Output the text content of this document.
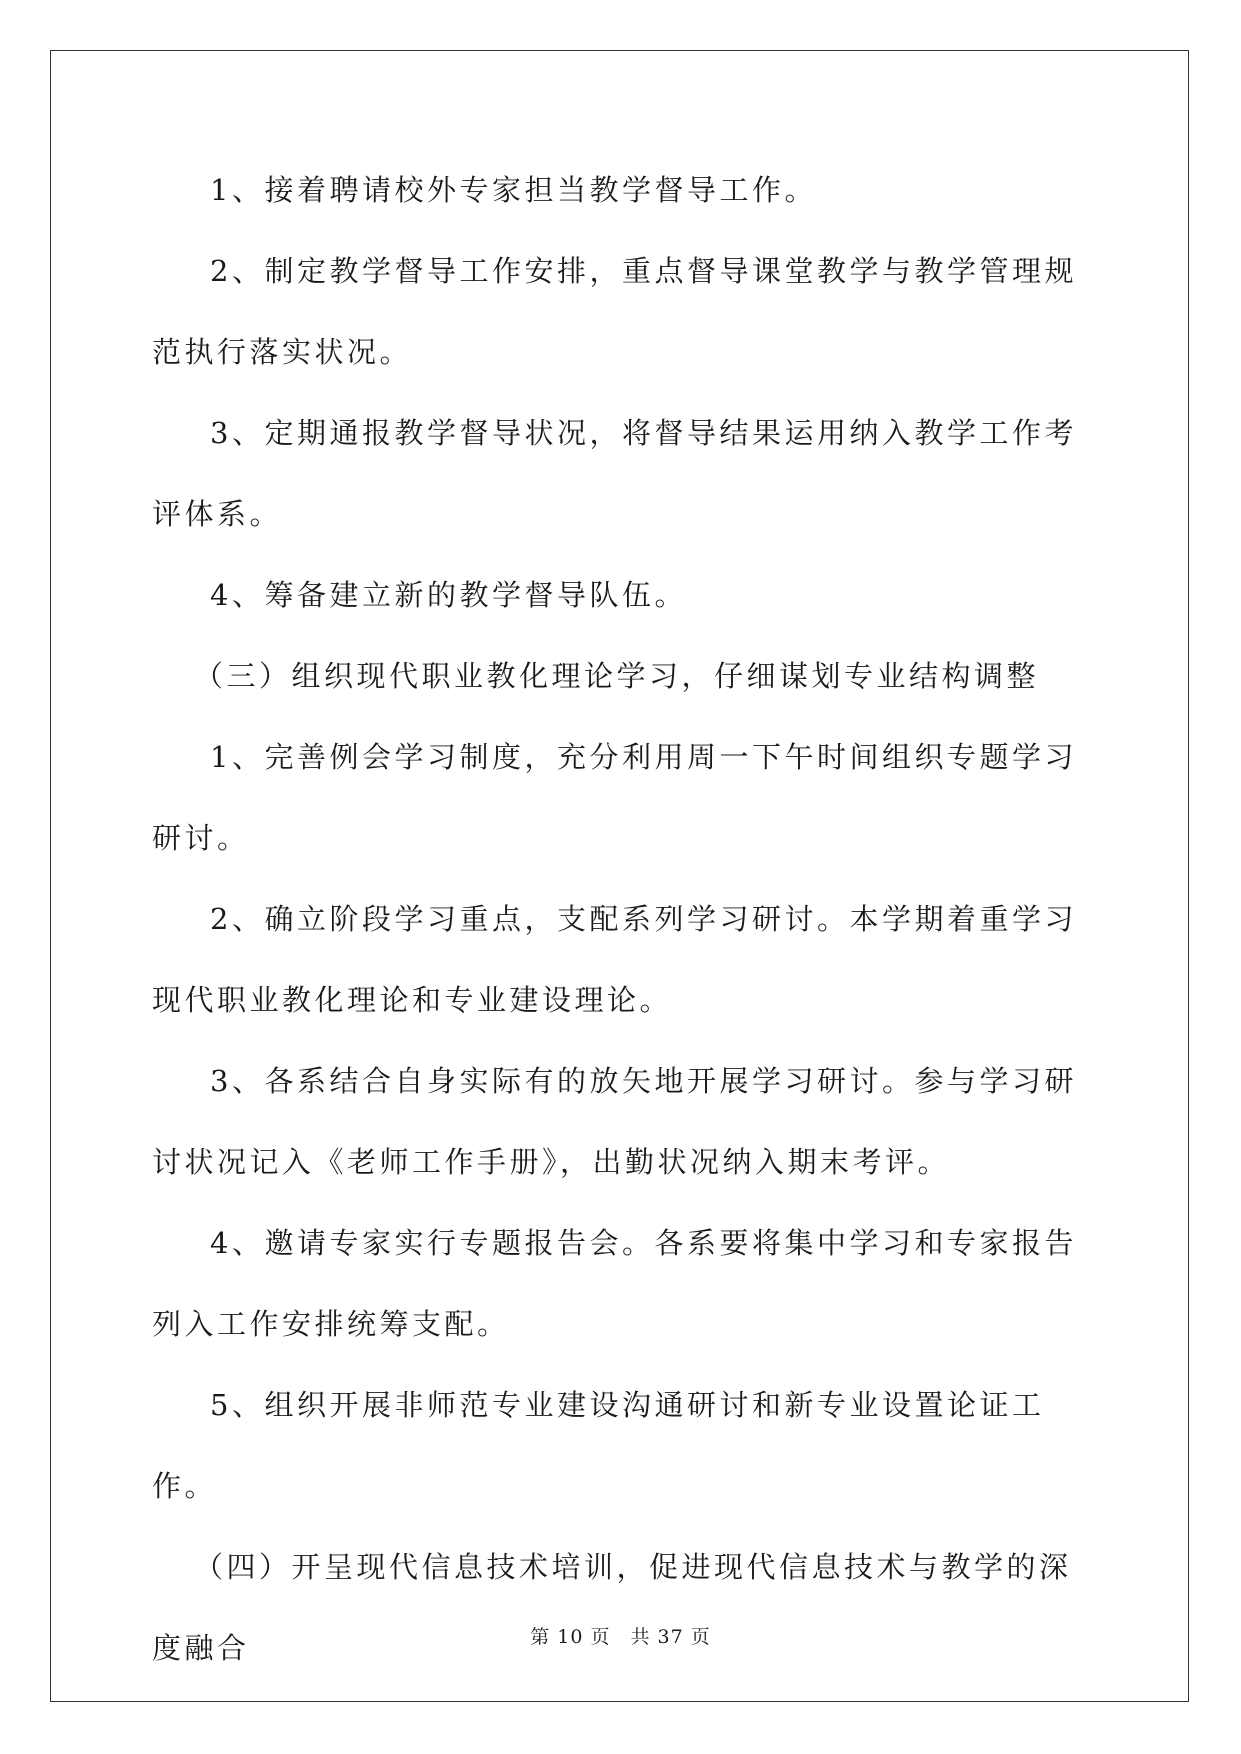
1、接着聘请校外专家担当教学督导工作。

2、制定教学督导工作安排，重点督导课堂教学与教学管理规范执行落实状况。

3、定期通报教学督导状况，将督导结果运用纳入教学工作考评体系。

4、筹备建立新的教学督导队伍。

（三）组织现代职业教化理论学习，仔细谋划专业结构调整

1、完善例会学习制度，充分利用周一下午时间组织专题学习研讨。

2、确立阶段学习重点，支配系列学习研讨。本学期着重学习现代职业教化理论和专业建设理论。

3、各系结合自身实际有的放矢地开展学习研讨。参与学习研讨状况记入《老师工作手册》，出勤状况纳入期末考评。

4、邀请专家实行专题报告会。各系要将集中学习和专家报告列入工作安排统筹支配。

5、组织开展非师范专业建设沟通研讨和新专业设置论证工作。

（四）开呈现代信息技术培训，促进现代信息技术与教学的深度融合	第 10 页　共 37 页
